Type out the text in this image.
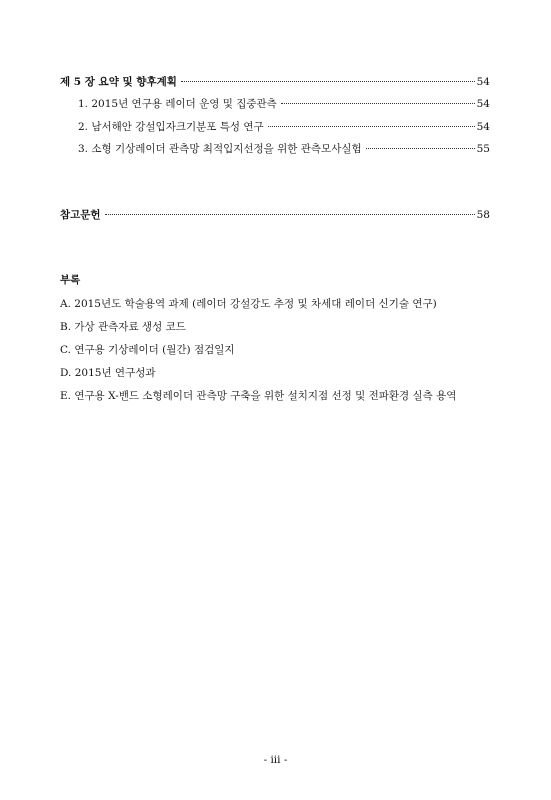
제 5 장 요약 및 향후계획	54
1. 2015년 연구용 레이더 운영 및 집중관측	54
2. 남서해안 강설입자크기분포 특성 연구	54
3. 소형 기상레이더 관측망 최적입지선정을 위한 관측모사실험	55
참고문헌	58
부록
A. 2015년도 학술용역 과제 (레이더 강설강도 추정 및 차세대 레이더 신기술 연구)
B. 가상 관측자료 생성 코드
C. 연구용 기상레이더 (월간) 점검일지
D. 2015년 연구성과
E. 연구용 X-밴드 소형레이더 관측망 구축을 위한 설치지점 선정 및 전파환경 실측 용역
- iii -
